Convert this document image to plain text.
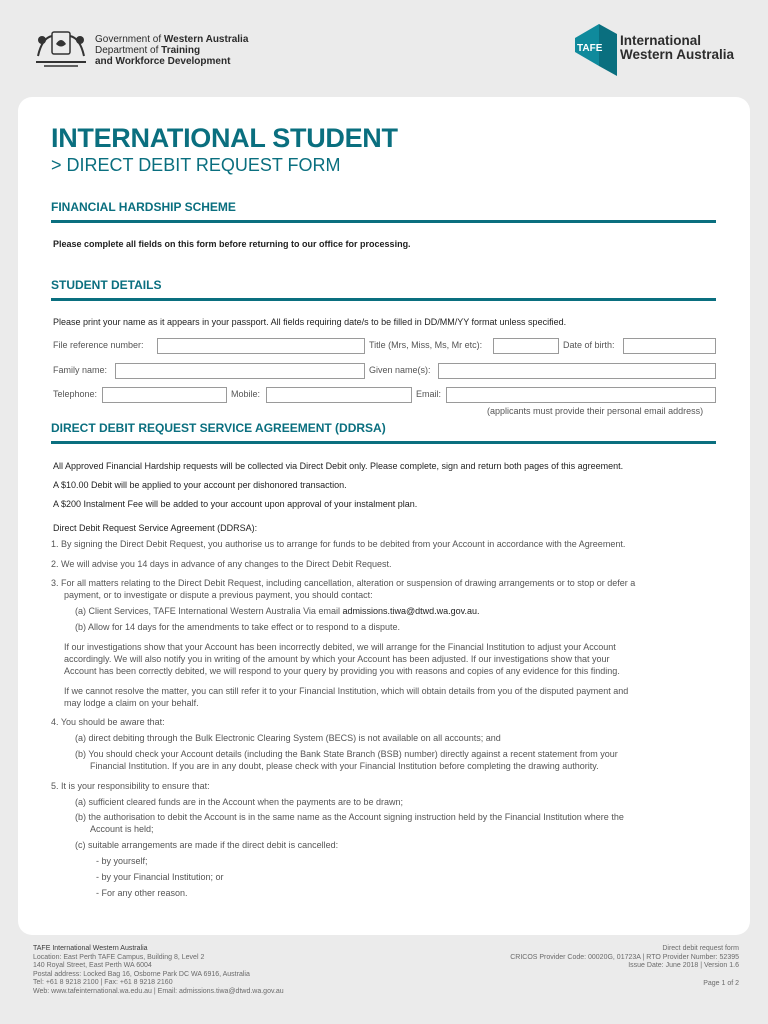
Government of Western Australia
Department of Training
and Workforce Development
TAFE
International
Western Australia
INTERNATIONAL STUDENT
> DIRECT DEBIT REQUEST FORM
FINANCIAL HARDSHIP SCHEME
Please complete all fields on this form before returning to our office for processing.
STUDENT DETAILS
Please print your name as it appears in your passport. All fields requiring date/s to be filled in DD/MM/YY format unless specified.
File reference number:	Title (Mrs, Miss, Ms, Mr etc):	Date of birth:
Family name:	Given name(s):
Telephone:	Mobile:	Email:
(applicants must provide their personal email address)
DIRECT DEBIT REQUEST SERVICE AGREEMENT (DDRSA)
All Approved Financial Hardship requests will be collected via Direct Debit only. Please complete, sign and return both pages of this agreement.
A $10.00 Debit will be applied to your account per dishonored transaction.
A $200 Instalment Fee will be added to your account upon approval of your instalment plan.
Direct Debit Request Service Agreement (DDRSA):
1. By signing the Direct Debit Request, you authorise us to arrange for funds to be debited from your Account in accordance with the Agreement.
2. We will advise you 14 days in advance of any changes to the Direct Debit Request.
3. For all matters relating to the Direct Debit Request, including cancellation, alteration or suspension of drawing arrangements or to stop or defer a
payment, or to investigate or dispute a previous payment, you should contact:
(a) Client Services, TAFE International Western Australia Via email admissions.tiwa@dtwd.wa.gov.au.
(b) Allow for 14 days for the amendments to take effect or to respond to a dispute.
If our investigations show that your Account has been incorrectly debited, we will arrange for the Financial Institution to adjust your Account
accordingly. We will also notify you in writing of the amount by which your Account has been adjusted. If our investigations show that your
Account has been correctly debited, we will respond to your query by providing you with reasons and copies of any evidence for this finding.
If we cannot resolve the matter, you can still refer it to your Financial Institution, which will obtain details from you of the disputed payment and
may lodge a claim on your behalf.
4. You should be aware that:
(a) direct debiting through the Bulk Electronic Clearing System (BECS) is not available on all accounts; and
(b) You should check your Account details (including the Bank State Branch (BSB) number) directly against a recent statement from your
Financial Institution. If you are in any doubt, please check with your Financial Institution before completing the drawing authority.
5. It is your responsibility to ensure that:
(a) sufficient cleared funds are in the Account when the payments are to be drawn;
(b) the authorisation to debit the Account is in the same name as the Account signing instruction held by the Financial Institution where the
Account is held;
(c) suitable arrangements are made if the direct debit is cancelled:
- by yourself;
- by your Financial Institution; or
- For any other reason.
TAFE International Western Australia
Location: East Perth TAFE Campus, Building 8, Level 2
140 Royal Street, East Perth WA 6004
Postal address: Locked Bag 16, Osborne Park DC WA 6916, Australia
Tel: +61 8 9218 2100 | Fax: +61 8 9218 2160
Web: www.tafeinternational.wa.edu.au | Email: admissions.tiwa@dtwd.wa.gov.au
Direct debit request form
CRICOS Provider Code: 00020G, 01723A | RTO Provider Number: 52395
Issue Date: June 2018 | Version 1.6
Page 1 of 2
